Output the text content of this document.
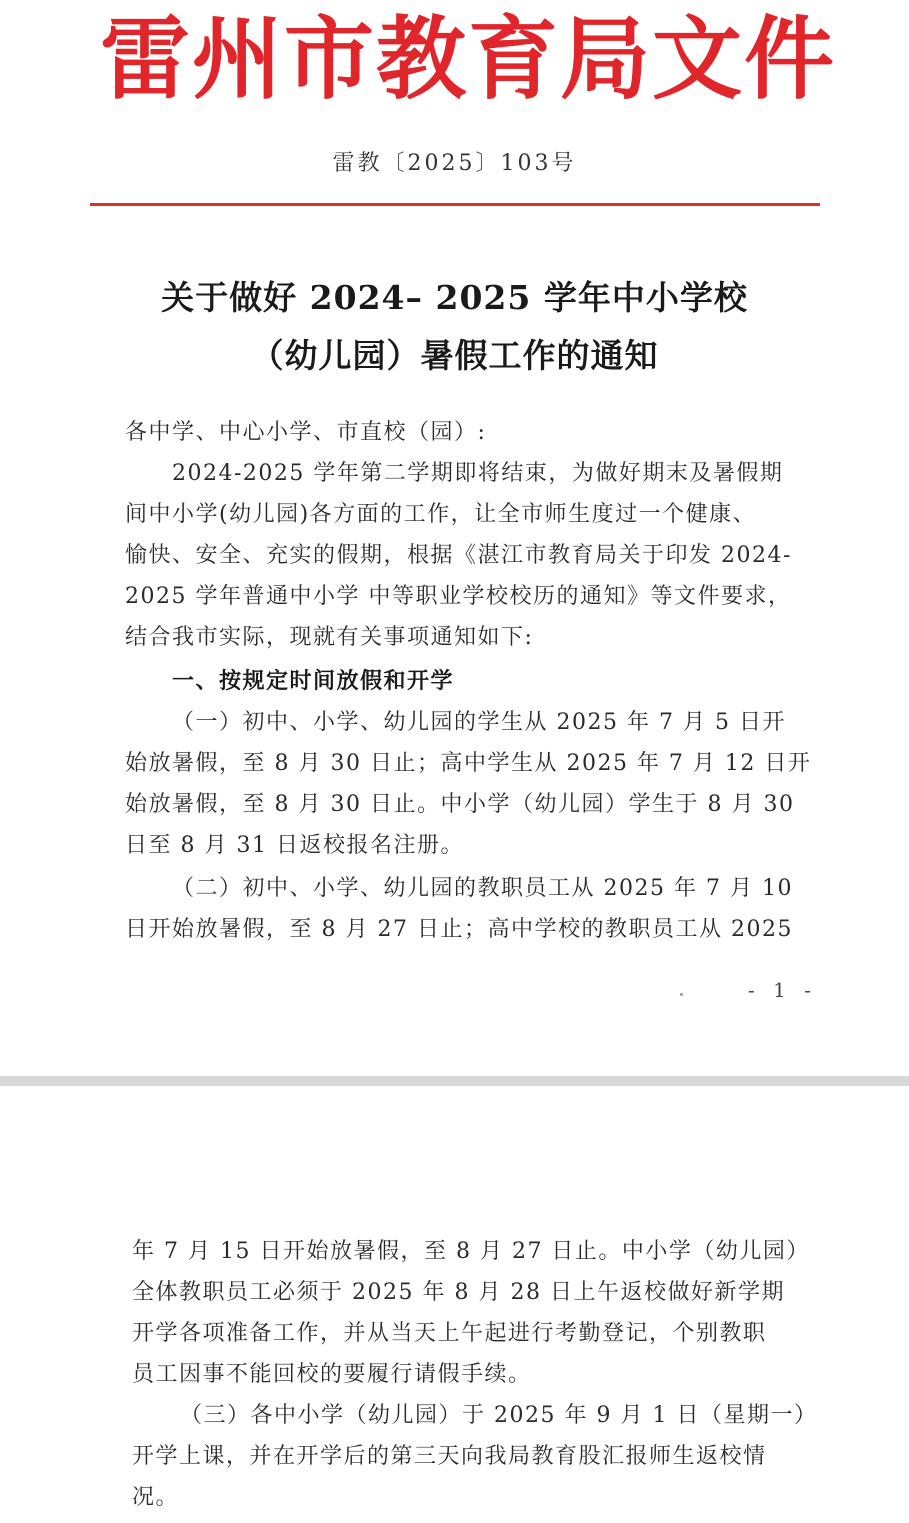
雷州市教育局文件
雷教〔2025〕103号
关于做好 2024– 2025 学年中小学校
（幼儿园）暑假工作的通知
各中学、中心小学、市直校（园）:
2024-2025 学年第二学期即将结束，为做好期末及暑假期
间中小学(幼儿园)各方面的工作，让全市师生度过一个健康、
愉快、安全、充实的假期，根据《湛江市教育局关于印发 2024-
2025 学年普通中小学 中等职业学校校历的通知》等文件要求，
结合我市实际，现就有关事项通知如下:
一、按规定时间放假和开学
（一）初中、小学、幼儿园的学生从 2025 年 7 月 5 日开
始放暑假，至 8 月 30 日止；高中学生从 2025 年 7 月 12 日开
始放暑假，至 8 月 30 日止。中小学（幼儿园）学生于 8 月 30
日至 8 月 31 日返校报名注册。
（二）初中、小学、幼儿园的教职员工从 2025 年 7 月 10
日开始放暑假，至 8 月 27 日止；高中学校的教职员工从 2025
- 1 -
年 7 月 15 日开始放暑假，至 8 月 27 日止。中小学（幼儿园）
全体教职员工必须于 2025 年 8 月 28 日上午返校做好新学期
开学各项准备工作，并从当天上午起进行考勤登记，个别教职
员工因事不能回校的要履行请假手续。
（三）各中小学（幼儿园）于 2025 年 9 月 1 日（星期一）
开学上课，并在开学后的第三天向我局教育股汇报师生返校情
况。
